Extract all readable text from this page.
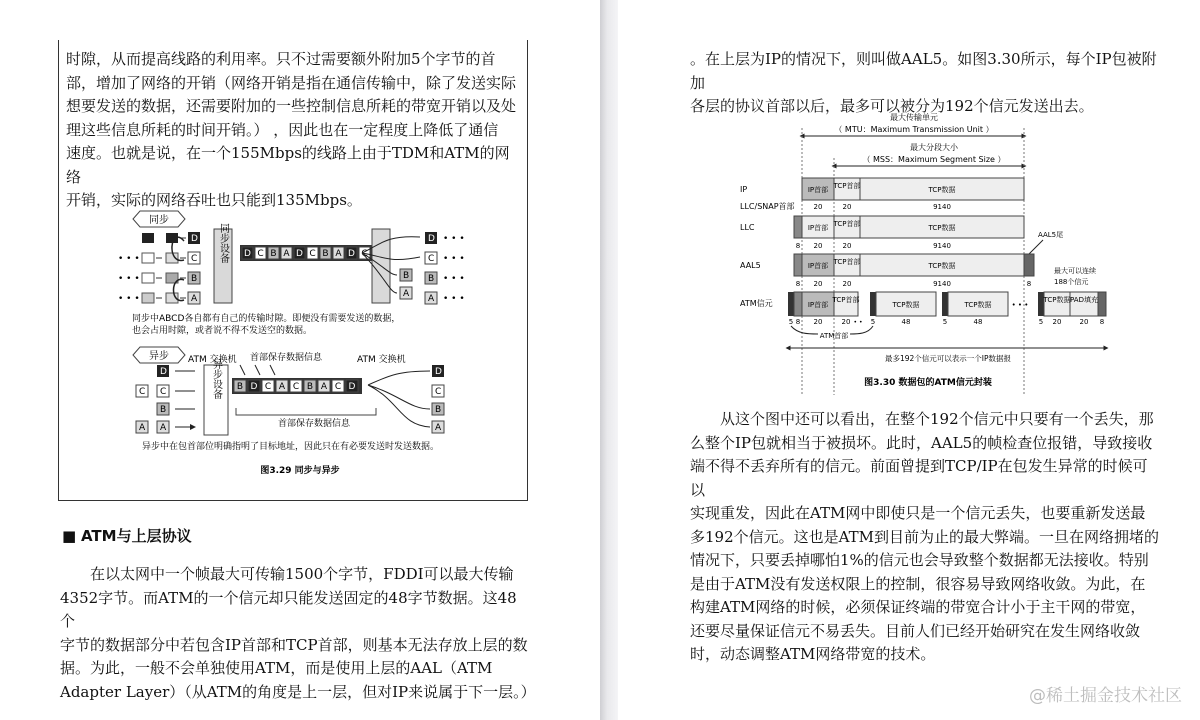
时隙，从而提高线路的利用率。只不过需要额外附加5个字节的首

部，增加了网络的开销（网络开销是指在通信传输中，除了发送实际

想要发送的数据，还需要附加的一些控制信息所耗的带宽开销以及处

理这些信息所耗的时间开销。） ，因此也在一定程度上降低了通信

速度。也就是说，在一个155Mbps的线路上由于TDM和ATM的网络

开销，实际的网络吞吐也只能到135Mbps。

同步
• • •
• • •
• • •
D
C
B
A
同步设备 D C B A D C B A D C
B
A
D
C
B
A
• • •
• • •
• • •
• • •
同步中ABCD各自都有自己的传输时隙。即便没有需要发送的数据，
也会占用时隙，或者说不得不发送空的数据。
异步 ATM 交换机 首部保存数据信息	ATM 交换机
D
C C
B
A A
异步设备 B D C A C B A C D
首部保存数据信息
D
C
B
A
异步中在包首部位明确指明了目标地址，因此只在有必要发送时发送数据。
图3.29 同步与异步
■ ATM与上层协议

在以太网中一个帧最大可传输1500个字节，FDDI可以最大传输

4352字节。而ATM的一个信元却只能发送固定的48字节数据。这48个

字节的数据部分中若包含IP首部和TCP首部，则基本无法存放上层的数

据。为此，一般不会单独使用ATM，而是使用上层的AAL（ATM

Adapter Layer）（从ATM的角度是上一层，但对IP来说属于下一层。）

。在上层为IP的情况下，则叫做AAL5。如图3.30所示，每个IP包被附加

各层的协议首部以后，最多可以被分为192个信元发送出去。

最大传输单元
（ MTU：Maximum Transmission Unit ）
最大分段大小
（ MSS：Maximum Segment Size ）
IP
LLC/SNAP首部
LLC
AAL5
ATM信元
IP首部 TCP首部	TCP数据
20	20	9140
IP首部 TCP首部	TCP数据
8 20	20	9140
AAL5尾
IP首部 TCP首部	TCP数据
8 20	20	9140	8
最大可以连续
188个信元
IP首部
TCP首部
TCP数据	TCP数据
TCP数据 PAD填充
• •
• • •
5 8 20	20	5	48	5	48	5 20	20 8
ATM首部
最多192个信元可以表示一个IP数据报
图3.30 数据包的ATM信元封装

从这个图中还可以看出，在整个192个信元中只要有一个丢失，那

么整个IP包就相当于被损坏。此时，AAL5的帧检查位报错，导致接收

端不得不丢弃所有的信元。前面曾提到TCP/IP在包发生异常的时候可以

实现重发，因此在ATM网中即使只是一个信元丢失，也要重新发送最

多192个信元。这也是ATM到目前为止的最大弊端。一旦在网络拥堵的

情况下，只要丢掉哪怕1%的信元也会导致整个数据都无法接收。特别

是由于ATM没有发送权限上的控制，很容易导致网络收敛。为此，在

构建ATM网络的时候，必须保证终端的带宽合计小于主干网的带宽，

还要尽量保证信元不易丢失。目前人们已经开始研究在发生网络收敛

时，动态调整ATM网络带宽的技术。

@稀土掘金技术社区
